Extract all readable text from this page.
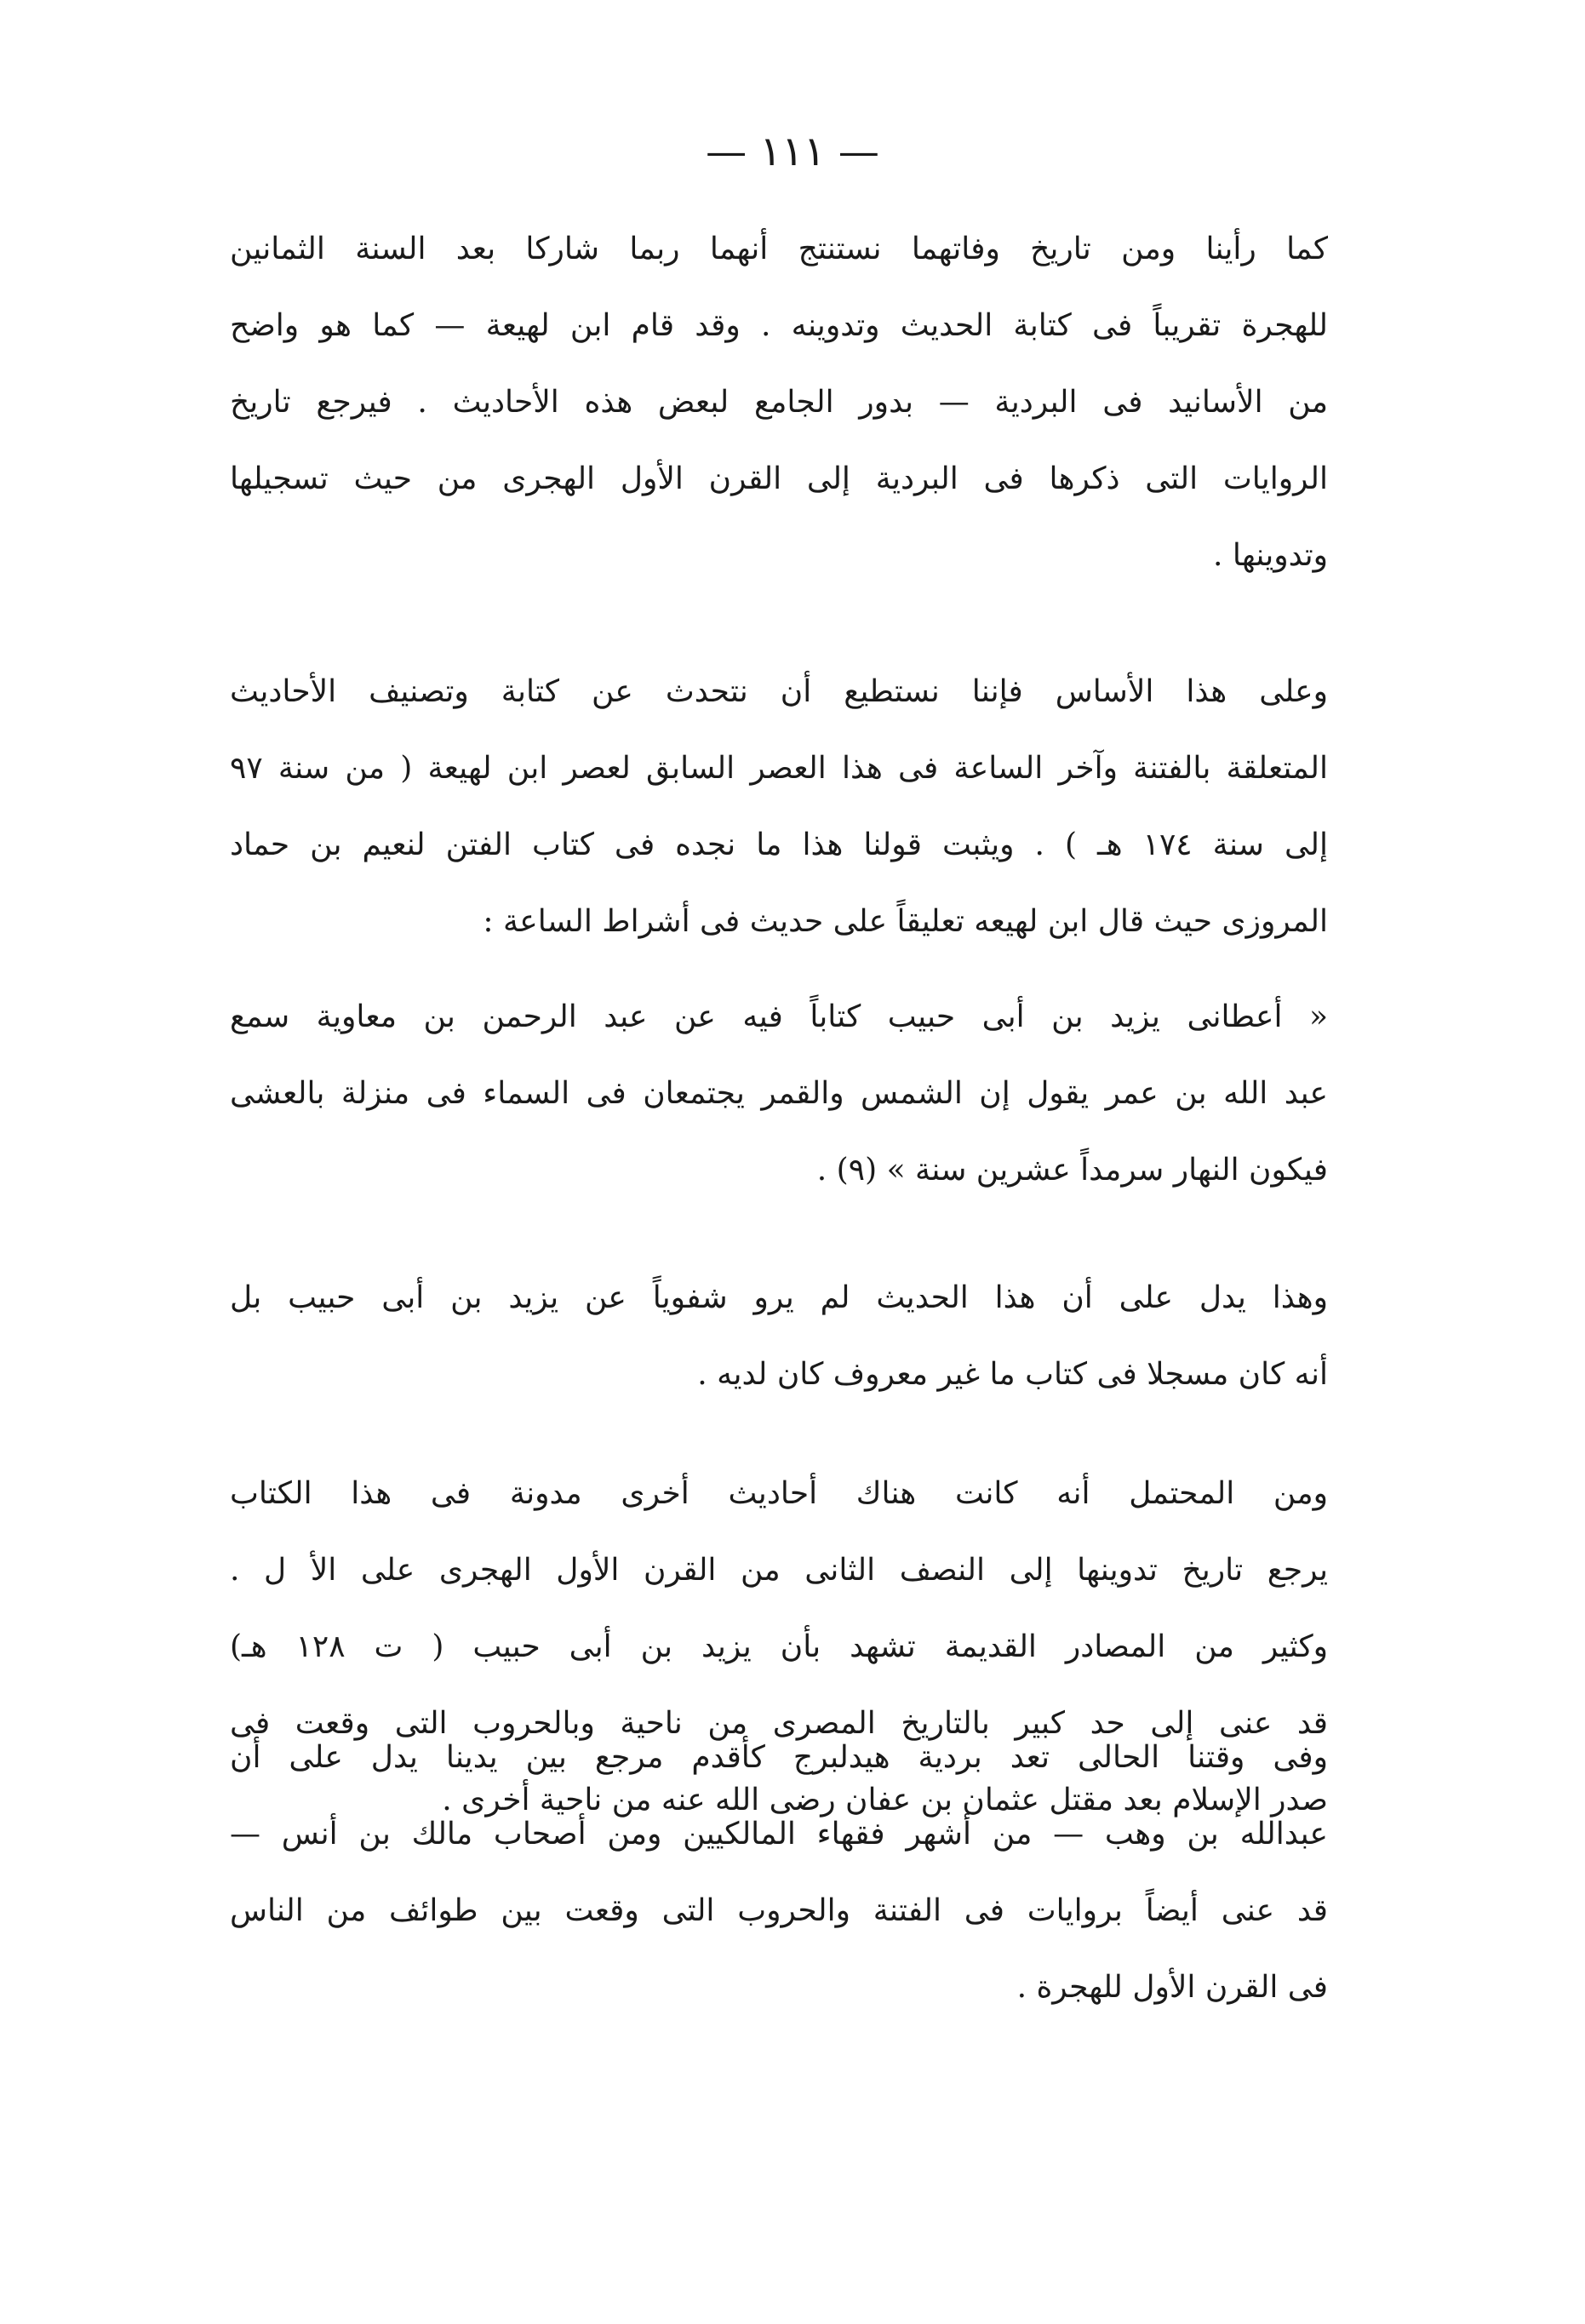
— ١١١ —
كما رأينا ومن تاريخ وفاتهما نستنتج أنهما ربما شاركا بعد السنة الثمانين
للهجرة تقريباً فى كتابة الحديث وتدوينه . وقد قام ابن لهيعة — كما هو واضح
من الأسانيد فى البردية — بدور الجامع لبعض هذه الأحاديث . فيرجع تاريخ
الروايات التى ذكرها فى البردية إلى القرن الأول الهجرى من حيث تسجيلها
وتدوينها .
وعلى هذا الأساس فإننا نستطيع أن نتحدث عن كتابة وتصنيف الأحاديث
المتعلقة بالفتنة وآخر الساعة فى هذا العصر السابق لعصر ابن لهيعة ( من سنة ٩٧
إلى سنة ١٧٤ هـ ) . ويثبت قولنا هذا ما نجده فى كتاب الفتن لنعيم بن حماد
المروزى حيث قال ابن لهيعه تعليقاً على حديث فى أشراط الساعة :
« أعطانى يزيد بن أبى حبيب كتاباً فيه عن عبد الرحمن بن معاوية سمع
عبد الله بن عمر يقول إن الشمس والقمر يجتمعان فى السماء فى منزلة بالعشى
فيكون النهار سرمداً عشرين سنة » (٩) .
وهذا يدل على أن هذا الحديث لم يرو شفوياً عن يزيد بن أبى حبيب بل
أنه كان مسجلا فى كتاب ما غير معروف كان لديه .
ومن المحتمل أنه كانت هناك أحاديث أخرى مدونة فى هذا الكتاب
يرجع تاريخ تدوينها إلى النصف الثانى من القرن الأول الهجرى على الأ ل .
وكثير من المصادر القديمة تشهد بأن يزيد بن أبى حبيب ( ت ١٢٨ هـ)
قد عنى إلى حد كبير بالتاريخ المصرى من ناحية وبالحروب التى وقعت فى
صدر الإسلام بعد مقتل عثمان بن عفان رضى الله عنه من ناحية أخرى .
وفى وقتنا الحالى تعد بردية هيدلبرج كأقدم مرجع بين يدينا يدل على أن
عبدالله بن وهب — من أشهر فقهاء المالكيين ومن أصحاب مالك بن أنس —
قد عنى أيضاً بروايات فى الفتنة والحروب التى وقعت بين طوائف من الناس
فى القرن الأول للهجرة .
